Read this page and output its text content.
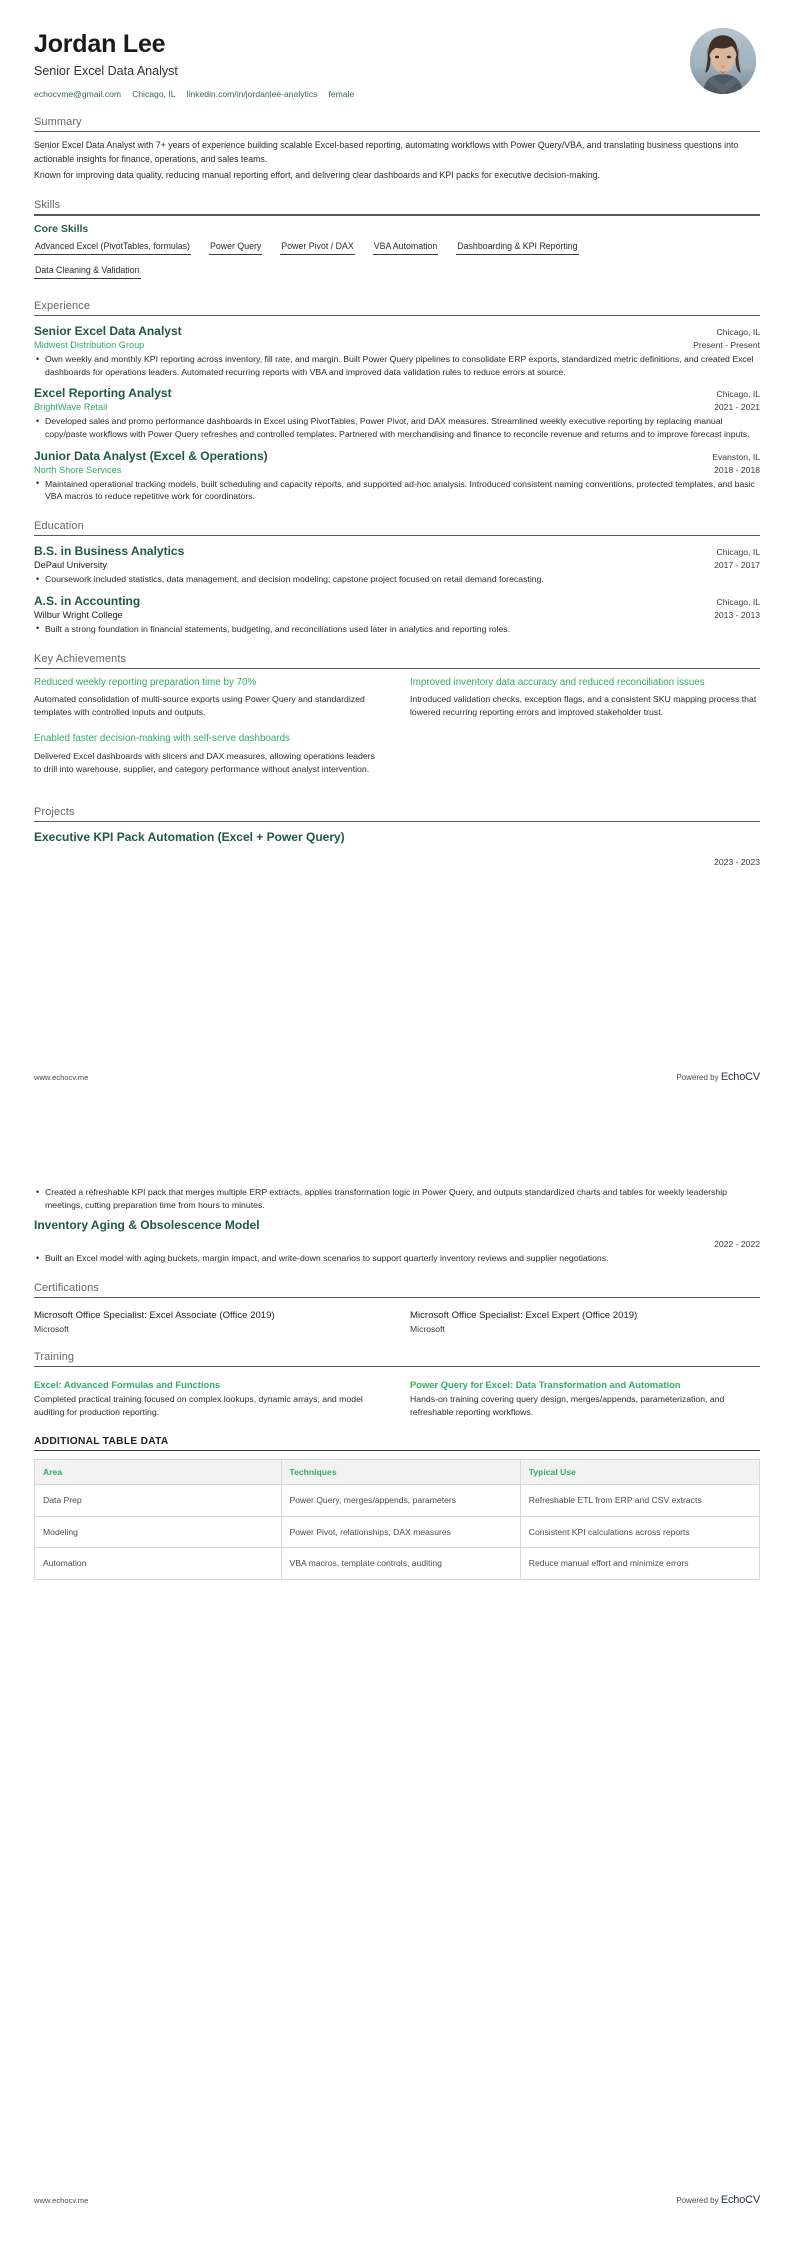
Jordan Lee
Senior Excel Data Analyst
echocvme@gmail.com Chicago, IL linkedin.com/in/jordanlee-analytics female
Summary
Senior Excel Data Analyst with 7+ years of experience building scalable Excel-based reporting, automating workflows with Power Query/VBA, and translating business questions into actionable insights for finance, operations, and sales teams.
Known for improving data quality, reducing manual reporting effort, and delivering clear dashboards and KPI packs for executive decision-making.
Skills
Core Skills
Advanced Excel (PivotTables, formulas) Power Query Power Pivot / DAX VBA Automation Dashboarding & KPI Reporting
Data Cleaning & Validation
Experience
Senior Excel Data Analyst	Chicago, IL
Midwest Distribution Group	Present - Present
• Own weekly and monthly KPI reporting across inventory, fill rate, and margin. Built Power Query pipelines to consolidate ERP exports, standardized metric definitions, and created Excel dashboards for operations leaders. Automated recurring reports with VBA and improved data validation rules to reduce errors at source.
Excel Reporting Analyst	Chicago, IL
BrightWave Retail	2021 - 2021
• Developed sales and promo performance dashboards in Excel using PivotTables, Power Pivot, and DAX measures. Streamlined weekly executive reporting by replacing manual copy/paste workflows with Power Query refreshes and controlled templates. Partnered with merchandising and finance to reconcile revenue and returns and to improve forecast inputs.
Junior Data Analyst (Excel & Operations)	Evanston, IL
North Shore Services	2018 - 2018
• Maintained operational tracking models, built scheduling and capacity reports, and supported ad-hoc analysis. Introduced consistent naming conventions, protected templates, and basic VBA macros to reduce repetitive work for coordinators.
Education
B.S. in Business Analytics	Chicago, IL
DePaul University	2017 - 2017
• Coursework included statistics, data management, and decision modeling; capstone project focused on retail demand forecasting.
A.S. in Accounting	Chicago, IL
Wilbur Wright College	2013 - 2013
• Built a strong foundation in financial statements, budgeting, and reconciliations used later in analytics and reporting roles.
Key Achievements
Reduced weekly reporting preparation time by 70%
Automated consolidation of multi-source exports using Power Query and standardized templates with controlled inputs and outputs.
Enabled faster decision-making with self-serve dashboards
Delivered Excel dashboards with slicers and DAX measures, allowing operations leaders to drill into warehouse, supplier, and category performance without analyst intervention.
Improved inventory data accuracy and reduced reconciliation issues
Introduced validation checks, exception flags, and a consistent SKU mapping process that lowered recurring reporting errors and improved stakeholder trust.
Projects
Executive KPI Pack Automation (Excel + Power Query)
2023 - 2023
www.echocv.me	Powered by EchoCV
• Created a refreshable KPI pack that merges multiple ERP extracts, applies transformation logic in Power Query, and outputs standardized charts and tables for weekly leadership meetings, cutting preparation time from hours to minutes.
Inventory Aging & Obsolescence Model
2022 - 2022
• Built an Excel model with aging buckets, margin impact, and write-down scenarios to support quarterly inventory reviews and supplier negotiations.
Certifications
Microsoft Office Specialist: Excel Associate (Office 2019)
Microsoft
Microsoft Office Specialist: Excel Expert (Office 2019)
Microsoft
Training
Excel: Advanced Formulas and Functions
Completed practical training focused on complex lookups, dynamic arrays, and model auditing for production reporting.
Power Query for Excel: Data Transformation and Automation
Hands-on training covering query design, merges/appends, parameterization, and refreshable reporting workflows.
ADDITIONAL TABLE DATA
Area	Techniques	Typical Use
Data Prep	Power Query, merges/appends, parameters	Refreshable ETL from ERP and CSV extracts
Modeling	Power Pivot, relationships, DAX measures	Consistent KPI calculations across reports
Automation	VBA macros, template controls, auditing	Reduce manual effort and minimize errors
www.echocv.me	Powered by EchoCV
